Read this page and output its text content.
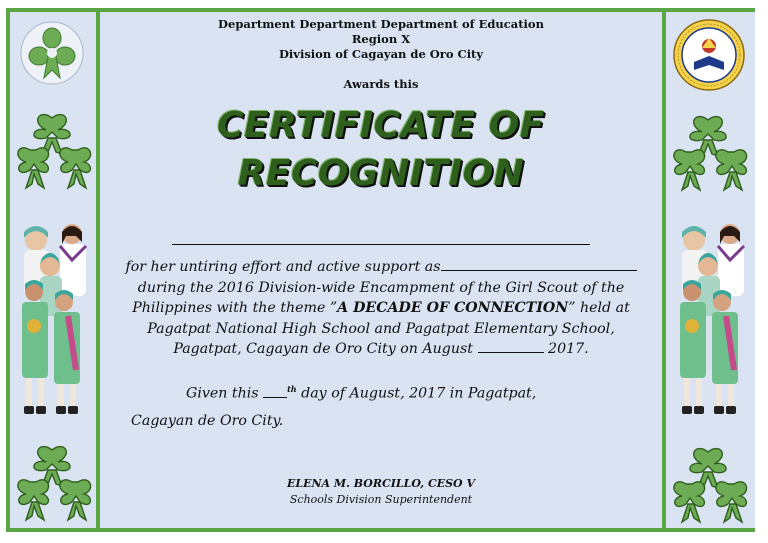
Department Department Department of Education
Region X
Division of Cagayan de Oro City
Awards this
CERTIFICATE OF
RECOGNITION
for her untiring effort and active support as
during the 2016 Division-wide Encampment of the Girl Scout of the
Philippines with the theme ”A DECADE OF CONNECTION” held at
Pagatpat National High School and Pagatpat Elementary School,
Pagatpat, Cagayan de Oro City on August	2017.
Given this	$^{th}$ day of August, 2017 in Pagatpat,
Cagayan de Oro City.
ELENA M. BORCILLO, CESO V
Schools Division Superintendent
